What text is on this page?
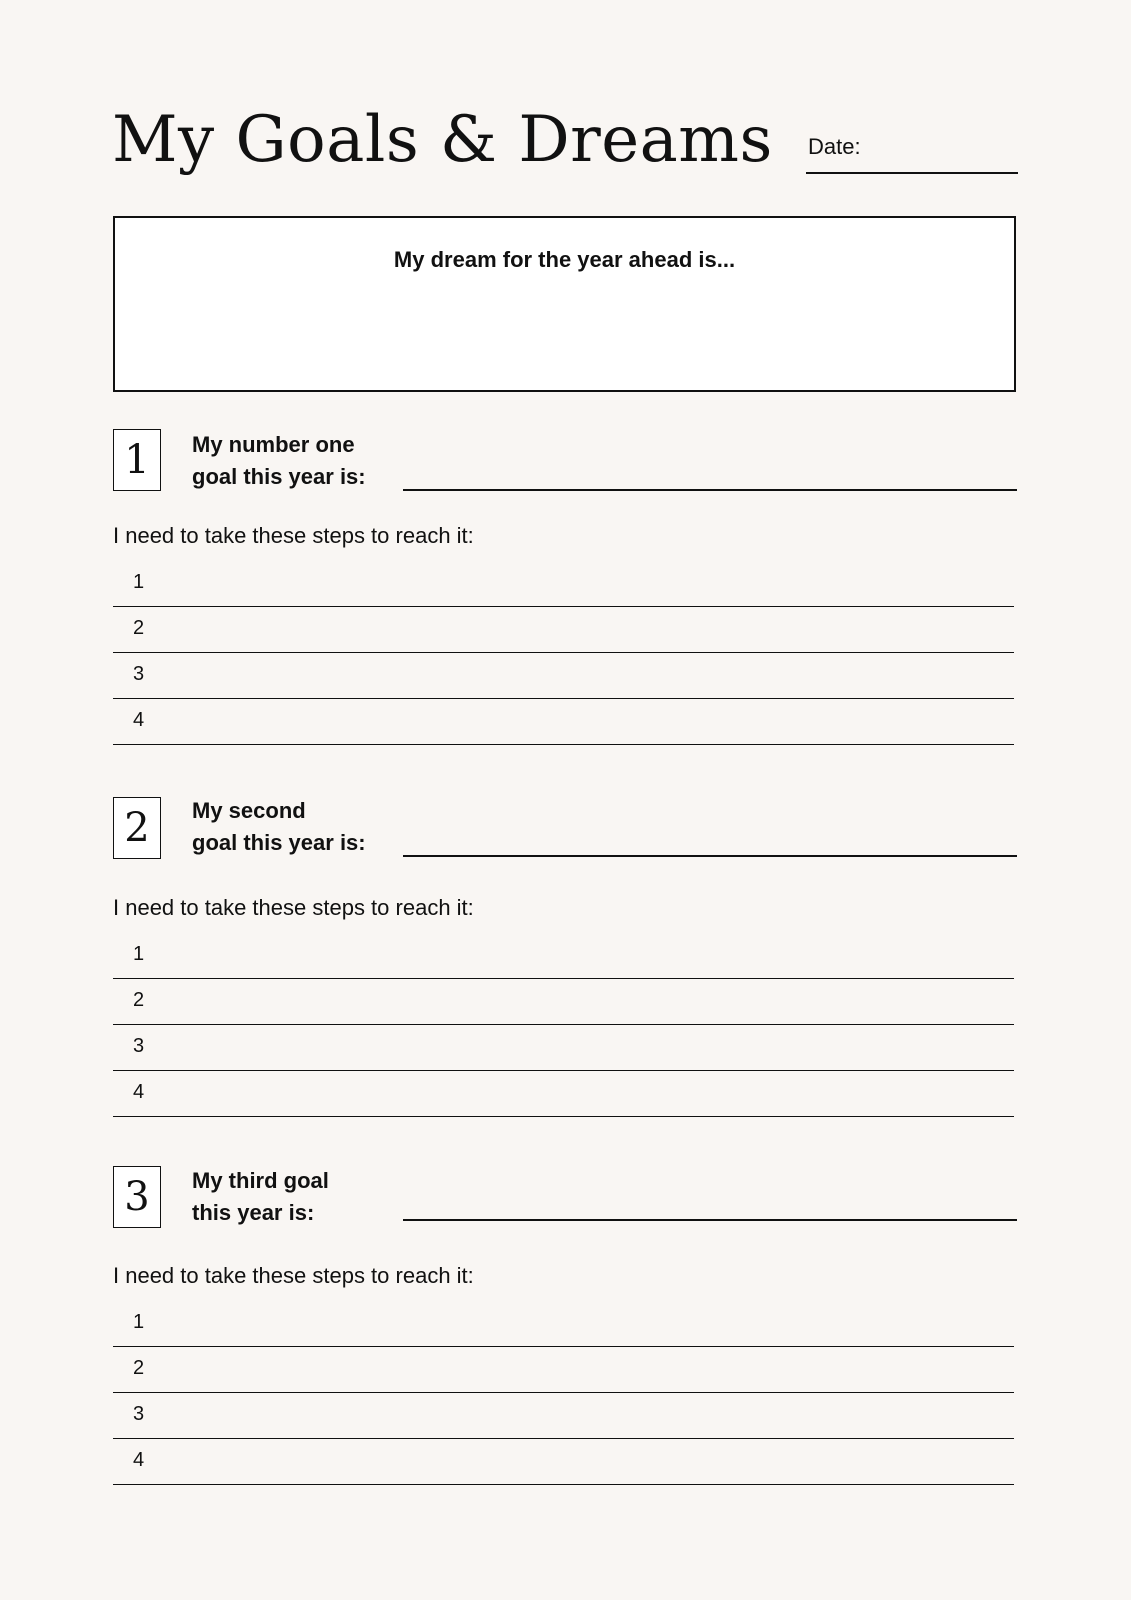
My Goals & Dreams Date:
My dream for the year ahead is...
1	My number one
goal this year is:
I need to take these steps to reach it:
1
2
3
4
2	My second
goal this year is:
I need to take these steps to reach it:
1
2
3
4
3	My third goal
this year is:
I need to take these steps to reach it:
1
2
3
4
